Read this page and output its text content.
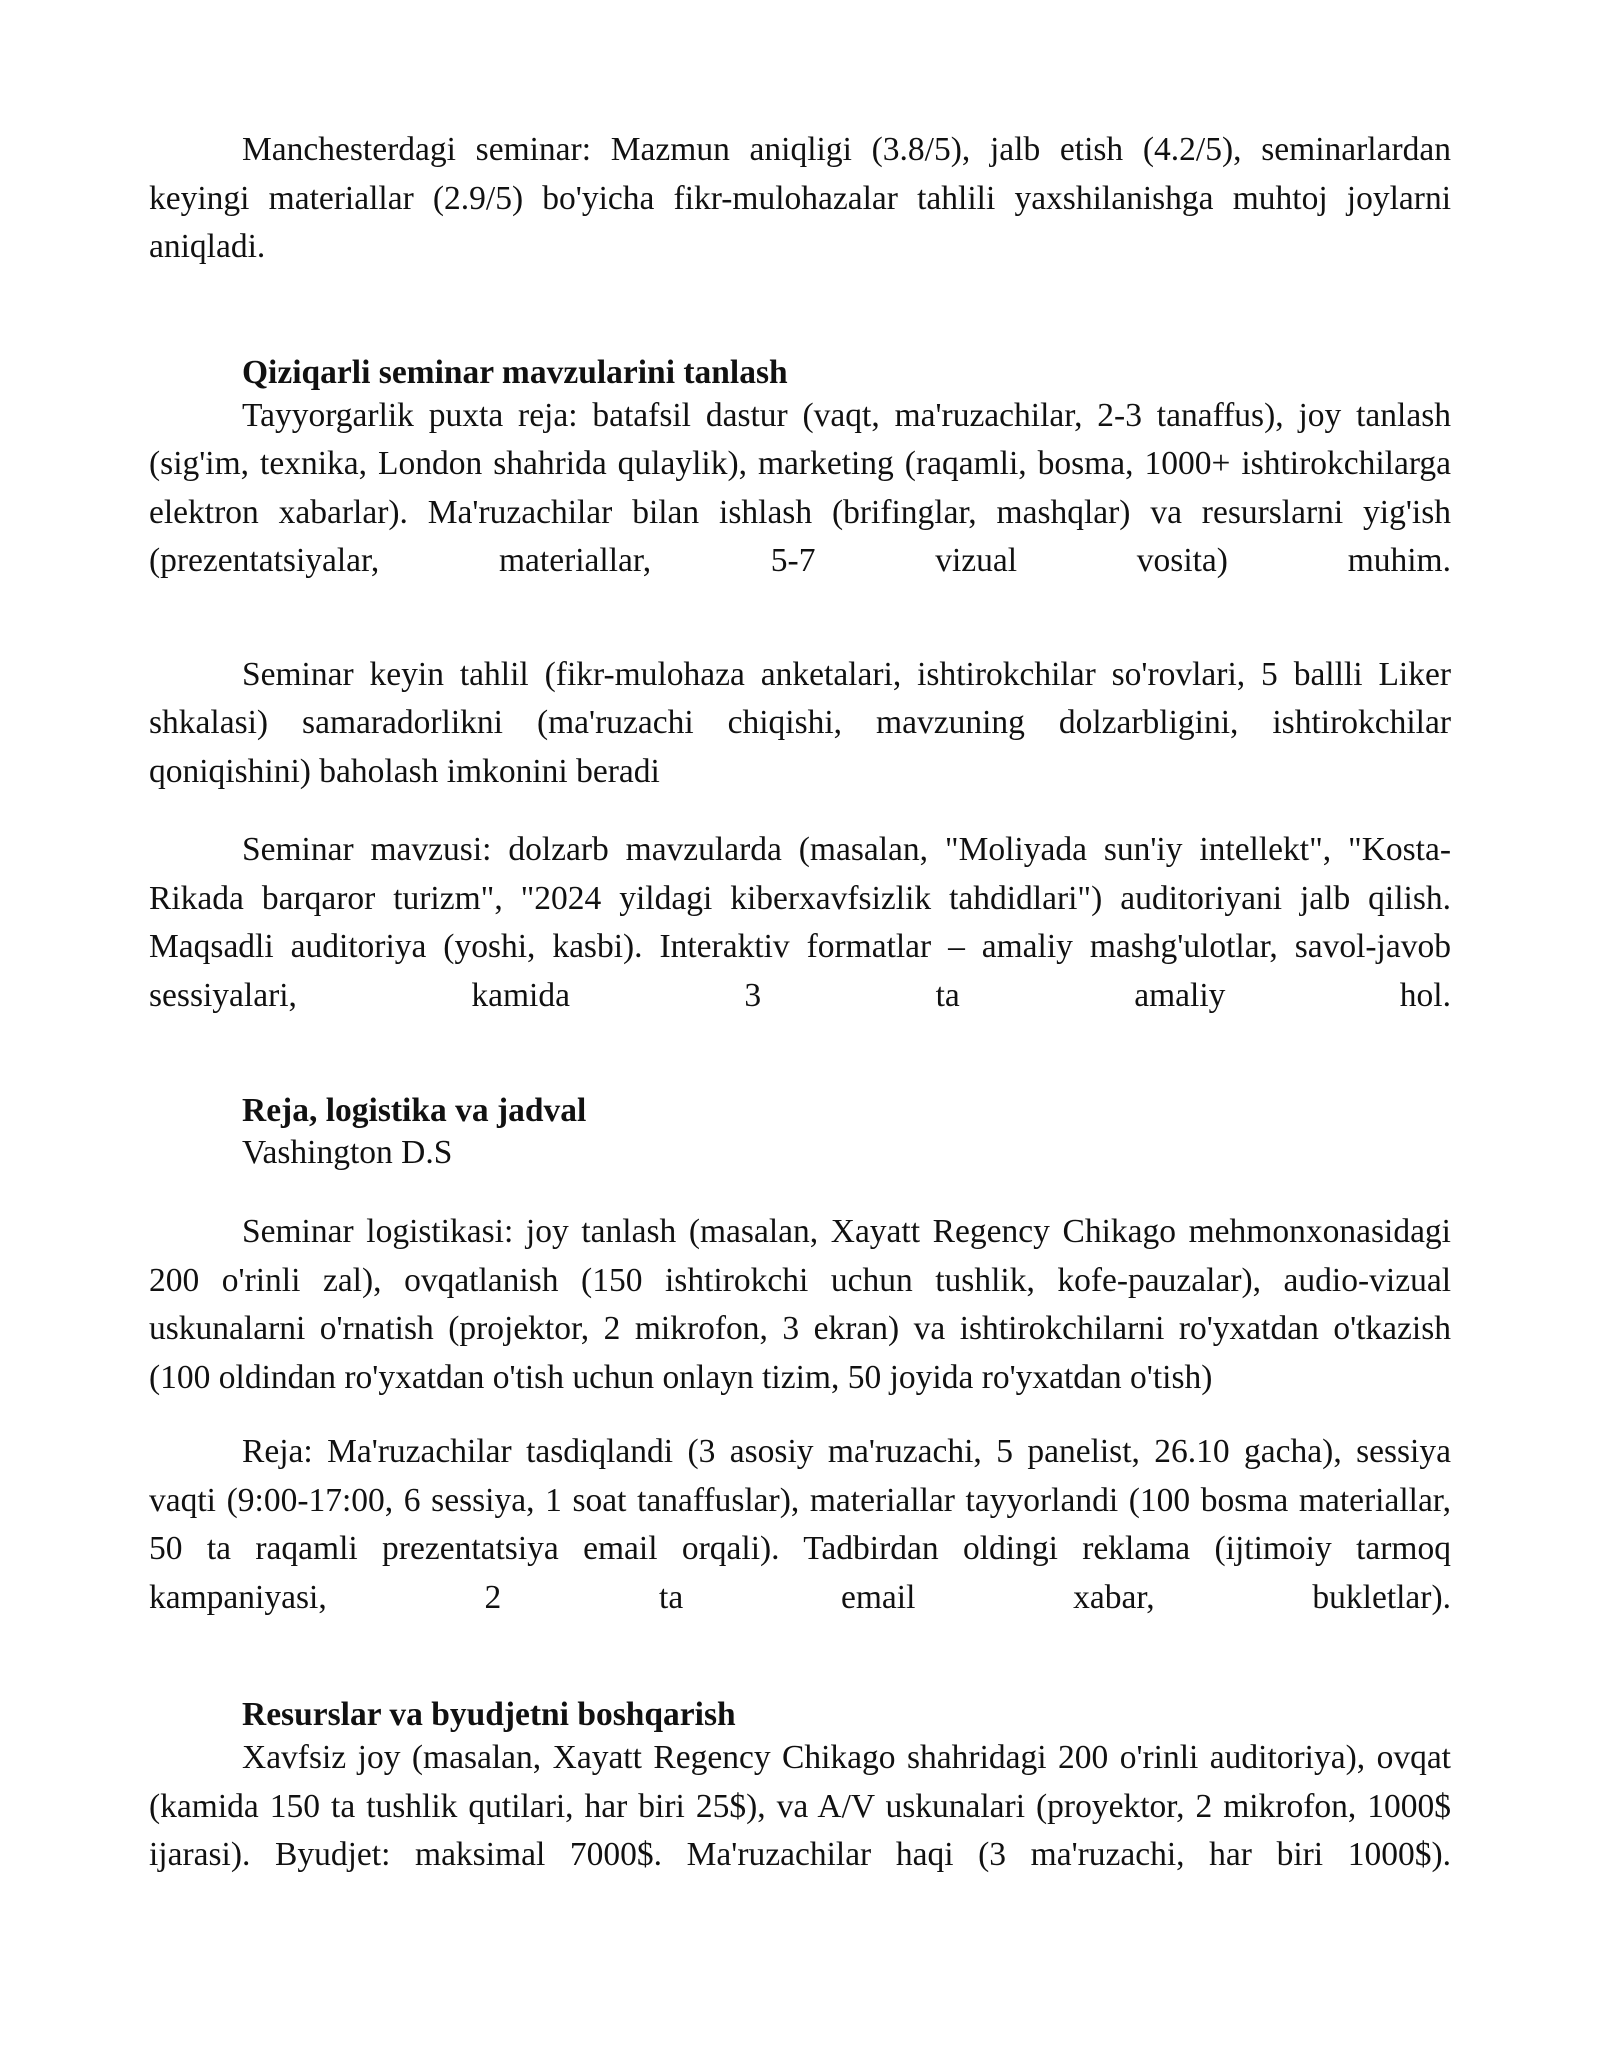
Manchesterdagi seminar: Mazmun aniqligi (3.8/5), jalb etish (4.2/5), seminarlardan keyingi materiallar (2.9/5) bo'yicha fikr-mulohazalar tahlili yaxshilanishga muhtoj joylarni aniqladi.

Qiziqarli seminar mavzularini tanlash

Tayyorgarlik puxta reja: batafsil dastur (vaqt, ma'ruzachilar, 2-3 tanaffus), joy tanlash (sig'im, texnika, London shahrida qulaylik), marketing (raqamli, bosma, 1000+ ishtirokchilarga elektron xabarlar). Ma'ruzachilar bilan ishlash (brifinglar, mashqlar) va resurslarni yig'ish (prezentatsiyalar, materiallar, 5-7 vizual vosita) muhim.

Seminar keyin tahlil (fikr-mulohaza anketalari, ishtirokchilar so'rovlari, 5 ballli Liker shkalasi) samaradorlikni (ma'ruzachi chiqishi, mavzuning dolzarbligini, ishtirokchilar qoniqishini) baholash imkonini beradi

Seminar mavzusi: dolzarb mavzularda (masalan, "Moliyada sun'iy intellekt", "Kosta-Rikada barqaror turizm", "2024 yildagi kiberxavfsizlik tahdidlari") auditoriyani jalb qilish. Maqsadli auditoriya (yoshi, kasbi). Interaktiv formatlar – amaliy mashg'ulotlar, savol-javob sessiyalari, kamida 3 ta amaliy hol.

Reja, logistika va jadval

Vashington D.S

Seminar logistikasi: joy tanlash (masalan, Xayatt Regency Chikago mehmonxonasidagi 200 o'rinli zal), ovqatlanish (150 ishtirokchi uchun tushlik, kofe-pauzalar), audio-vizual uskunalarni o'rnatish (projektor, 2 mikrofon, 3 ekran) va ishtirokchilarni ro'yxatdan o'tkazish (100 oldindan ro'yxatdan o'tish uchun onlayn tizim, 50 joyida ro'yxatdan o'tish)

Reja: Ma'ruzachilar tasdiqlandi (3 asosiy ma'ruzachi, 5 panelist, 26.10 gacha), sessiya vaqti (9:00-17:00, 6 sessiya, 1 soat tanaffuslar), materiallar tayyorlandi (100 bosma materiallar, 50 ta raqamli prezentatsiya email orqali). Tadbirdan oldingi reklama (ijtimoiy tarmoq kampaniyasi, 2 ta email xabar, bukletlar).

Resurslar va byudjetni boshqarish

Xavfsiz joy (masalan, Xayatt Regency Chikago shahridagi 200 o'rinli auditoriya), ovqat (kamida 150 ta tushlik qutilari, har biri 25$), va A/V uskunalari (proyektor, 2 mikrofon, 1000$ ijarasi). Byudjet: maksimal 7000$. Ma'ruzachilar haqi (3 ma'ruzachi, har biri 1000$).
